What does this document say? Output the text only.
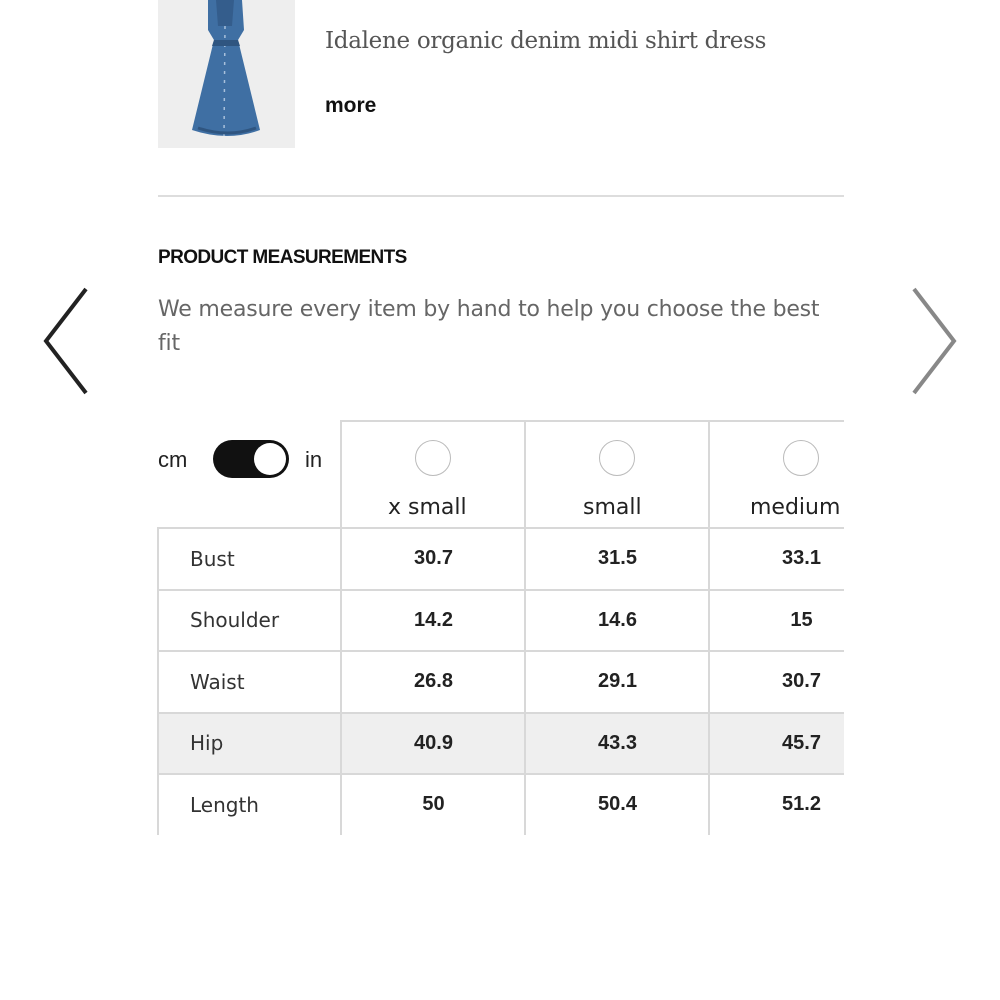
Idalene organic denim midi shirt dress
more
PRODUCT MEASUREMENTS
We measure every item by hand to help you choose the best fit
cm	in
x small	small	medium
Bust	30.7	31.5	33.1
Shoulder	14.2	14.6	15
Waist	26.8	29.1	30.7
Hip	40.9	43.3	45.7
Length	50	50.4	51.2
